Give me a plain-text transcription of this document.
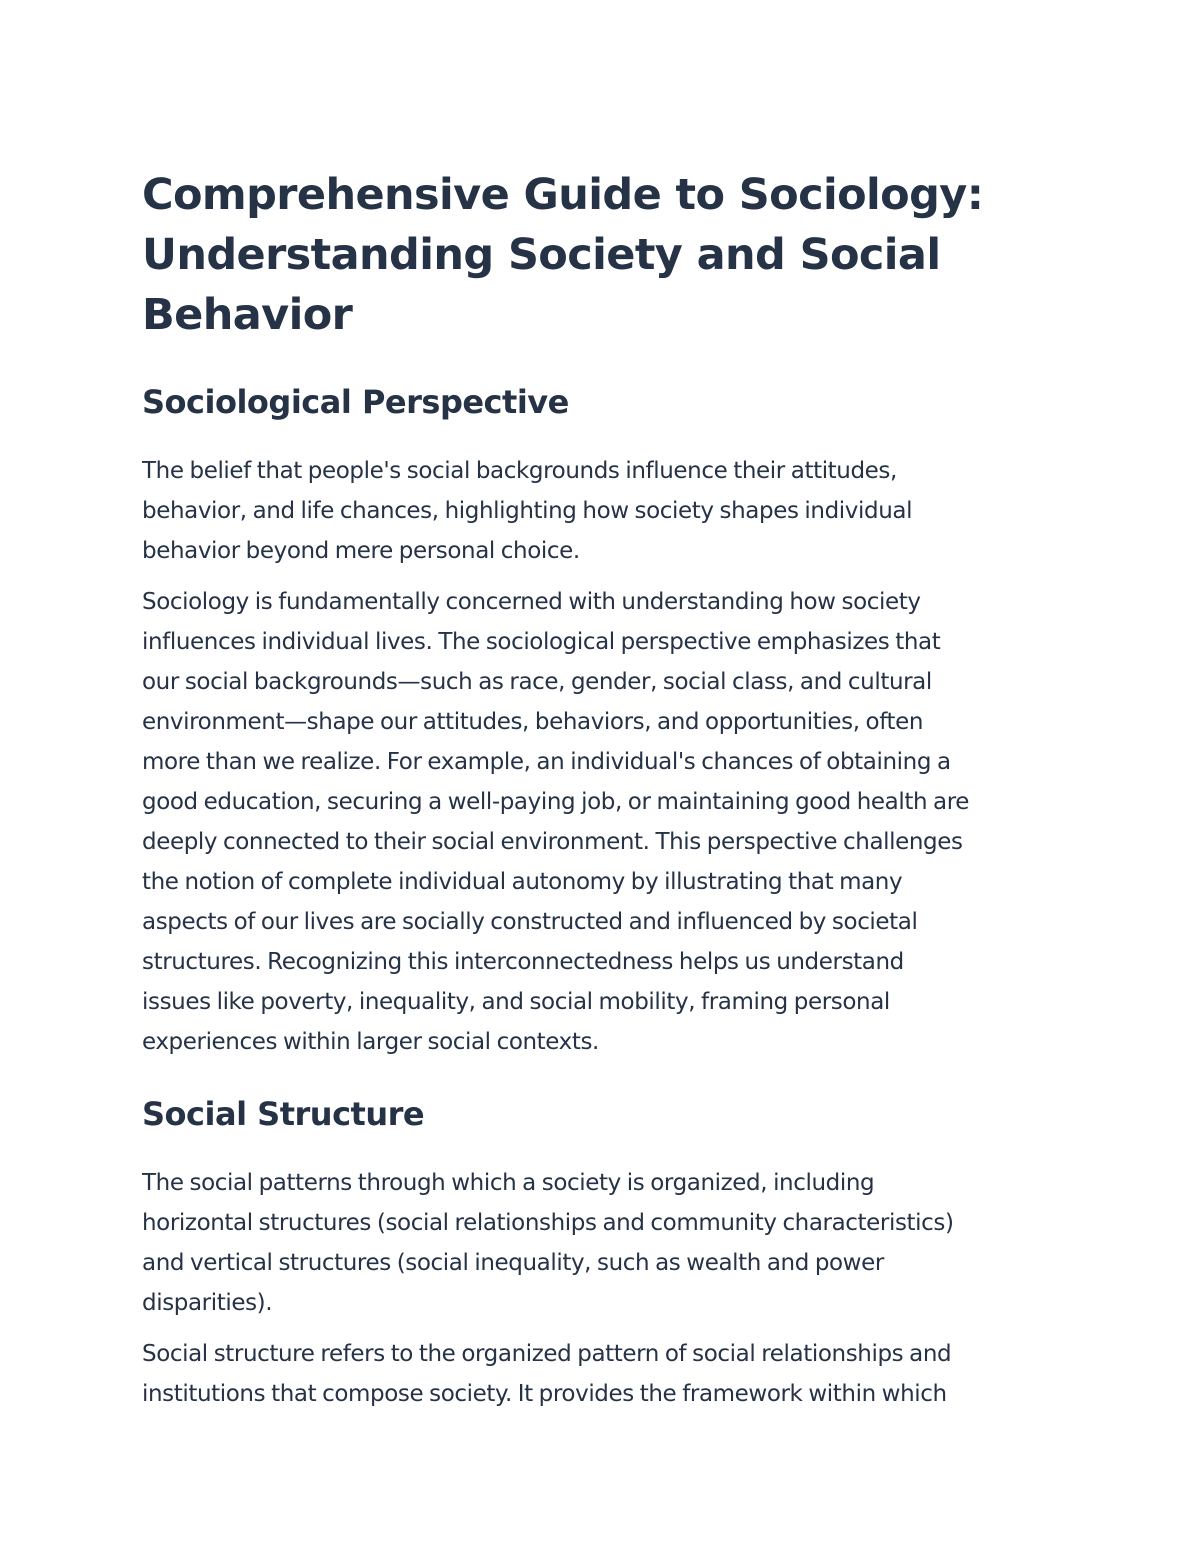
Comprehensive Guide to Sociology:
Understanding Society and Social
Behavior
Sociological Perspective

The belief that people's social backgrounds influence their attitudes,
behavior, and life chances, highlighting how society shapes individual
behavior beyond mere personal choice.

Sociology is fundamentally concerned with understanding how society
influences individual lives. The sociological perspective emphasizes that
our social backgrounds—such as race, gender, social class, and cultural
environment—shape our attitudes, behaviors, and opportunities, often
more than we realize. For example, an individual's chances of obtaining a
good education, securing a well-paying job, or maintaining good health are
deeply connected to their social environment. This perspective challenges
the notion of complete individual autonomy by illustrating that many
aspects of our lives are socially constructed and influenced by societal
structures. Recognizing this interconnectedness helps us understand
issues like poverty, inequality, and social mobility, framing personal
experiences within larger social contexts.

Social Structure

The social patterns through which a society is organized, including
horizontal structures (social relationships and community characteristics)
and vertical structures (social inequality, such as wealth and power
disparities).

Social structure refers to the organized pattern of social relationships and
institutions that compose society. It provides the framework within which
